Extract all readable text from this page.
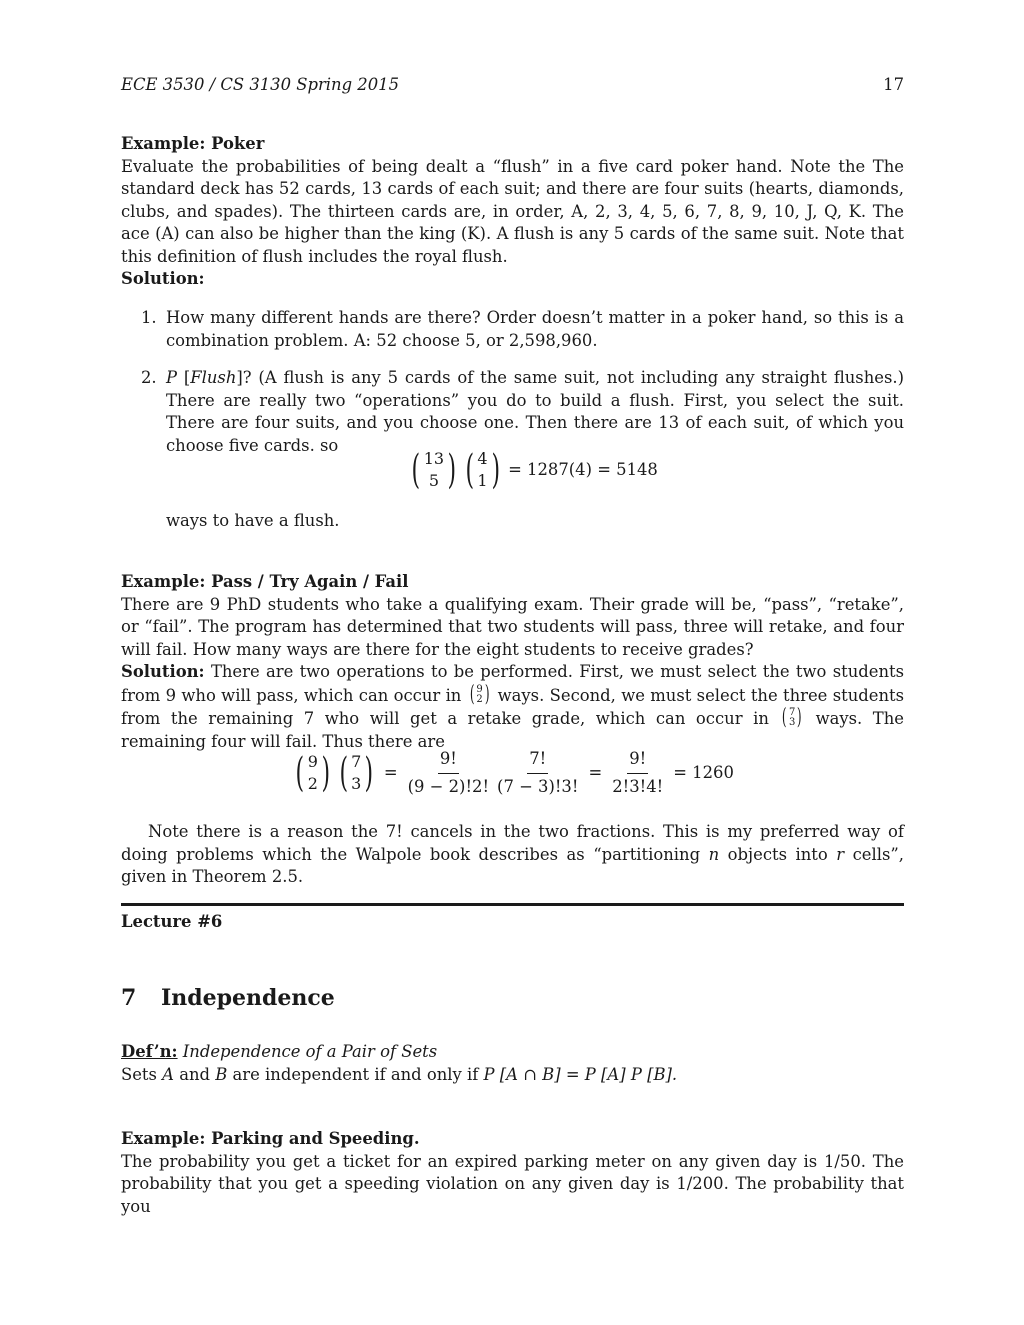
ECE 3530 / CS 3130 Spring 2015	17
Example: Poker
Evaluate the probabilities of being dealt a “flush” in a five card poker hand. Note the The standard deck has 52 cards, 13 cards of each suit; and there are four suits (hearts, diamonds, clubs, and spades). The thirteen cards are, in order, A, 2, 3, 4, 5, 6, 7, 8, 9, 10, J, Q, K. The ace (A) can also be higher than the king (K). A flush is any 5 cards of the same suit. Note that this definition of flush includes the royal flush.
Solution:
1. How many different hands are there? Order doesn’t matter in a poker hand, so this is a combination problem. A: 52 choose 5, or 2,598,960.
2. P [Flush]? (A flush is any 5 cards of the same suit, not including any straight flushes.) There are really two “operations” you do to build a flush. First, you select the suit. There are four suits, and you choose one. Then there are 13 of each suit, of which you choose five cards. so
( 13
5 ) ( 4
1 ) = 1287(4) = 5148
ways to have a flush.
Example: Pass / Try Again / Fail
There are 9 PhD students who take a qualifying exam. Their grade will be, “pass”, “retake”, or “fail”. The program has determined that two students will pass, three will retake, and four will fail. How many ways are there for the eight students to receive grades?
Solution: There are two operations to be performed. First, we must select the two students from 9 who will pass, which can occur in ( 9
2 ) ways. Second, we must select the three students from the remaining 7 who will get a retake grade, which can occur in ( 7
3 ) ways. The remaining four will fail. Thus there are
( 9
2 ) ( 7
3 ) = $\frac{9!}{(9 - 2)!2!} \frac{7!}{(7 - 3)!3!} = \frac{9!}{2!3!4!} = 1260$
Note there is a reason the 7! cancels in the two fractions. This is my preferred way of doing problems which the Walpole book describes as “partitioning n objects into r cells”, given in Theorem 2.5.
Lecture #6
7 Independence
Def’n: Independence of a Pair of Sets
Sets A and B are independent if and only if P [A ∩ B] = P [A] P [B].
Example: Parking and Speeding.
The probability you get a ticket for an expired parking meter on any given day is 1/50. The probability that you get a speeding violation on any given day is 1/200. The probability that you
